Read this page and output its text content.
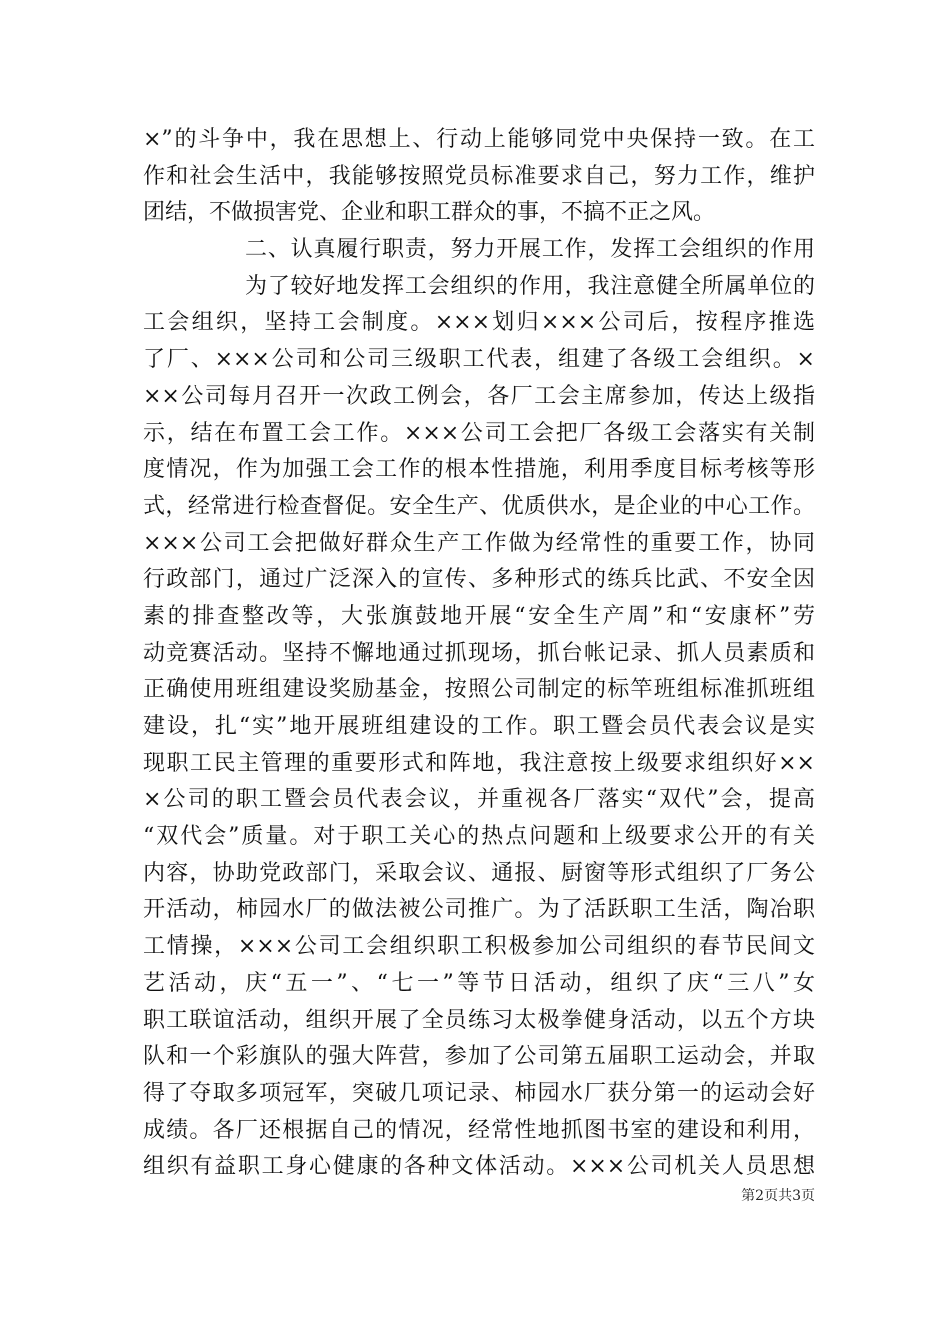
×”的斗争中，我在思想上、行动上能够同党中央保持一致。在工
作和社会生活中，我能够按照党员标准要求自己，努力工作，维护
团结，不做损害党、企业和职工群众的事，不搞不正之风。
二、认真履行职责，努力开展工作，发挥工会组织的作用
为了较好地发挥工会组织的作用，我注意健全所属单位的
工会组织，坚持工会制度。×××划归×××公司后，按程序推选
了厂、×××公司和公司三级职工代表，组建了各级工会组织。×
××公司每月召开一次政工例会，各厂工会主席参加，传达上级指
示，结在布置工会工作。×××公司工会把厂各级工会落实有关制
度情况，作为加强工会工作的根本性措施，利用季度目标考核等形
式，经常进行检查督促。安全生产、优质供水，是企业的中心工作。
×××公司工会把做好群众生产工作做为经常性的重要工作，协同
行政部门，通过广泛深入的宣传、多种形式的练兵比武、不安全因
素的排查整改等，大张旗鼓地开展“安全生产周”和“安康杯”劳
动竞赛活动。坚持不懈地通过抓现场，抓台帐记录、抓人员素质和
正确使用班组建设奖励基金，按照公司制定的标竿班组标准抓班组
建设，扎“实”地开展班组建设的工作。职工暨会员代表会议是实
现职工民主管理的重要形式和阵地，我注意按上级要求组织好××
×公司的职工暨会员代表会议，并重视各厂落实“双代”会，提高
“双代会”质量。对于职工关心的热点问题和上级要求公开的有关
内容，协助党政部门，采取会议、通报、厨窗等形式组织了厂务公
开活动，柿园水厂的做法被公司推广。为了活跃职工生活，陶冶职
工情操，×××公司工会组织职工积极参加公司组织的春节民间文
艺活动，庆“五一”、“七一”等节日活动，组织了庆“三八”女
职工联谊活动，组织开展了全员练习太极拳健身活动，以五个方块
队和一个彩旗队的强大阵营，参加了公司第五届职工运动会，并取
得了夺取多项冠军，突破几项记录、柿园水厂获分第一的运动会好
成绩。各厂还根据自己的情况，经常性地抓图书室的建设和利用，
组织有益职工身心健康的各种文体活动。×××公司机关人员思想
第2页共3页
